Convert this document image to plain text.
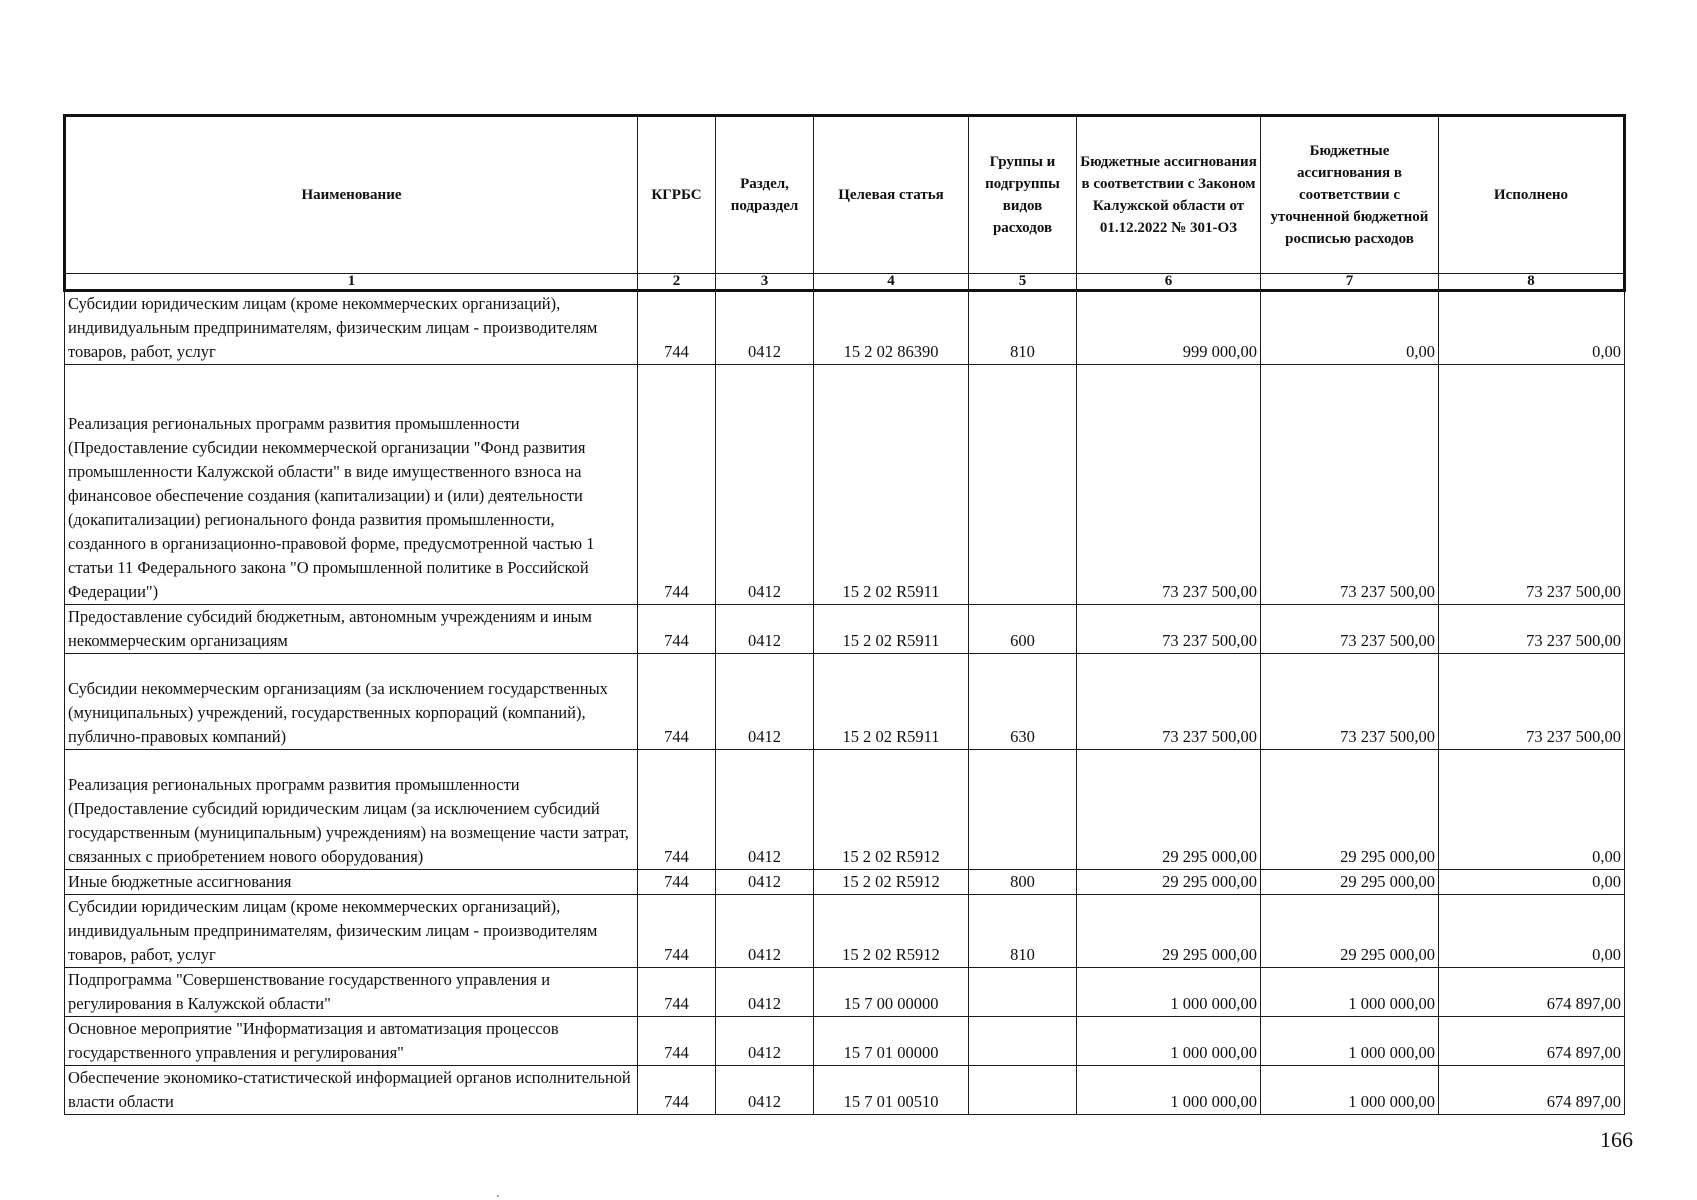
Наименование	КГРБС	Раздел, подраздел	Целевая статья	Группы и подгруппы видов расходов	Бюджетные ассигнования в соответствии с Законом Калужской области от 01.12.2022 № 301-ОЗ	Бюджетные ассигнования в соответствии с уточненной бюджетной росписью расходов	Исполнено
1	2	3	4	5	6	7	8
Субсидии юридическим лицам (кроме некоммерческих организаций), индивидуальным предпринимателям, физическим лицам - производителям товаров, работ, услуг	744	0412	15 2 02 86390	810	999 000,00	0,00	0,00
Реализация региональных программ развития промышленности (Предоставление субсидии некоммерческой организации "Фонд развития промышленности Калужской области" в виде имущественного взноса на финансовое обеспечение создания (капитализации) и (или) деятельности (докапитализации) регионального фонда развития промышленности, созданного в организационно-правовой форме, предусмотренной частью 1 статьи 11 Федерального закона "О промышленной политике в Российской Федерации")	744	0412	15 2 02 R5911		73 237 500,00	73 237 500,00	73 237 500,00
Предоставление субсидий бюджетным, автономным учреждениям и иным некоммерческим организациям	744	0412	15 2 02 R5911	600	73 237 500,00	73 237 500,00	73 237 500,00
Субсидии некоммерческим организациям (за исключением государственных (муниципальных) учреждений, государственных корпораций (компаний), публично-правовых компаний)	744	0412	15 2 02 R5911	630	73 237 500,00	73 237 500,00	73 237 500,00
Реализация региональных программ развития промышленности (Предоставление субсидий юридическим лицам (за исключением субсидий государственным (муниципальным) учреждениям) на возмещение части затрат, связанных с приобретением нового оборудования)	744	0412	15 2 02 R5912		29 295 000,00	29 295 000,00	0,00
Иные бюджетные ассигнования	744	0412	15 2 02 R5912	800	29 295 000,00	29 295 000,00	0,00
Субсидии юридическим лицам (кроме некоммерческих организаций), индивидуальным предпринимателям, физическим лицам - производителям товаров, работ, услуг	744	0412	15 2 02 R5912	810	29 295 000,00	29 295 000,00	0,00
Подпрограмма "Совершенствование государственного управления и регулирования в Калужской области"	744	0412	15 7 00 00000		1 000 000,00	1 000 000,00	674 897,00
Основное мероприятие "Информатизация и автоматизация процессов государственного управления и регулирования"	744	0412	15 7 01 00000		1 000 000,00	1 000 000,00	674 897,00
Обеспечение экономико-статистической информацией органов исполнительной власти области	744	0412	15 7 01 00510		1 000 000,00	1 000 000,00	674 897,00
166
